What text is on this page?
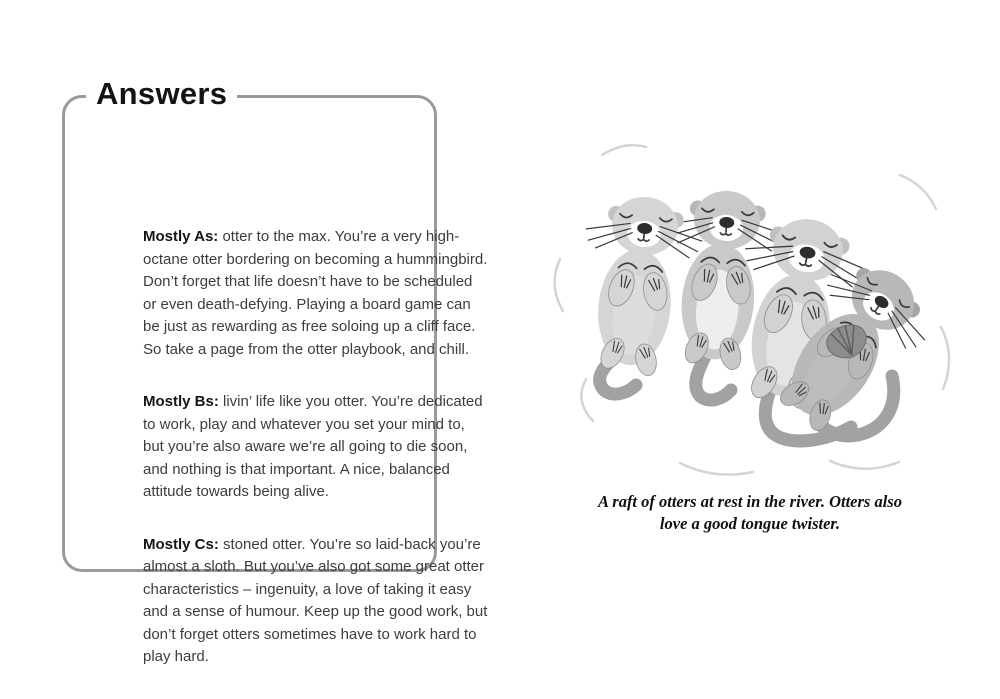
Answers

Mostly As: otter to the max. You’re a very high-octane otter bordering on becoming a hummingbird. Don’t forget that life doesn’t have to be scheduled or even death-defying. Playing a board game can be just as rewarding as free soloing up a cliff face. So take a page from the otter playbook, and chill.

Mostly Bs: livin’ life like you otter. You’re dedicated to work, play and whatever you set your mind to, but you’re also aware we’re all going to die soon, and nothing is that important. A nice, balanced attitude towards being alive.

Mostly Cs: stoned otter. You’re so laid-back you’re almost a sloth. But you’ve also got some great otter characteristics – ingenuity, a love of taking it easy and a sense of humour. Keep up the good work, but don’t forget otters sometimes have to work hard to play hard.

A raft of otters at rest in the river. Otters also
love a good tongue twister.
